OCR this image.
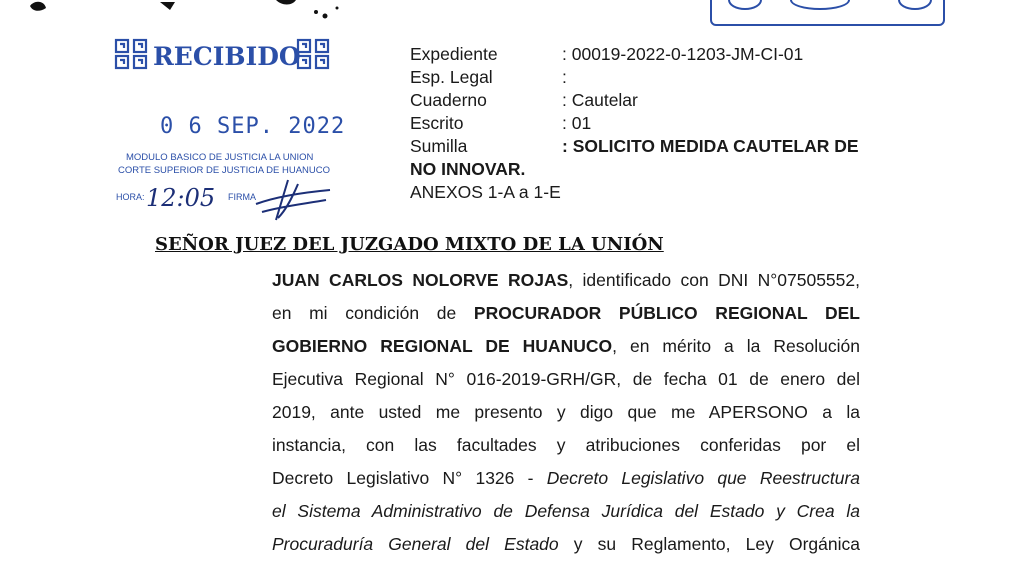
RECIBIDO
0 6 SEP. 2022
MODULO BASICO DE JUSTICIA LA UNION
CORTE SUPERIOR DE JUSTICIA DE HUANUCO
HORA: 12:05 FIRMA
Expediente	: 00019-2022-0-1203-JM-CI-01
Esp. Legal	:
Cuaderno	: Cautelar
Escrito	: 01
Sumilla	: SOLICITO MEDIDA CAUTELAR DE
NO INNOVAR.
ANEXOS 1-A a 1-E
SEÑOR JUEZ DEL JUZGADO MIXTO DE LA UNIÓN
JUAN CARLOS NOLORVE ROJAS, identificado con DNI N°07505552,
en mi condición de PROCURADOR PÚBLICO REGIONAL DEL
GOBIERNO REGIONAL DE HUANUCO, en mérito a la Resolución
Ejecutiva Regional N° 016-2019-GRH/GR, de fecha 01 de enero del
2019, ante usted me presento y digo que me APERSONO a la
instancia, con las facultades y atribuciones conferidas por el
Decreto Legislativo N° 1326 - Decreto Legislativo que Reestructura
el Sistema Administrativo de Defensa Jurídica del Estado y Crea la
Procuraduría General del Estado y su Reglamento, Ley Orgánica
